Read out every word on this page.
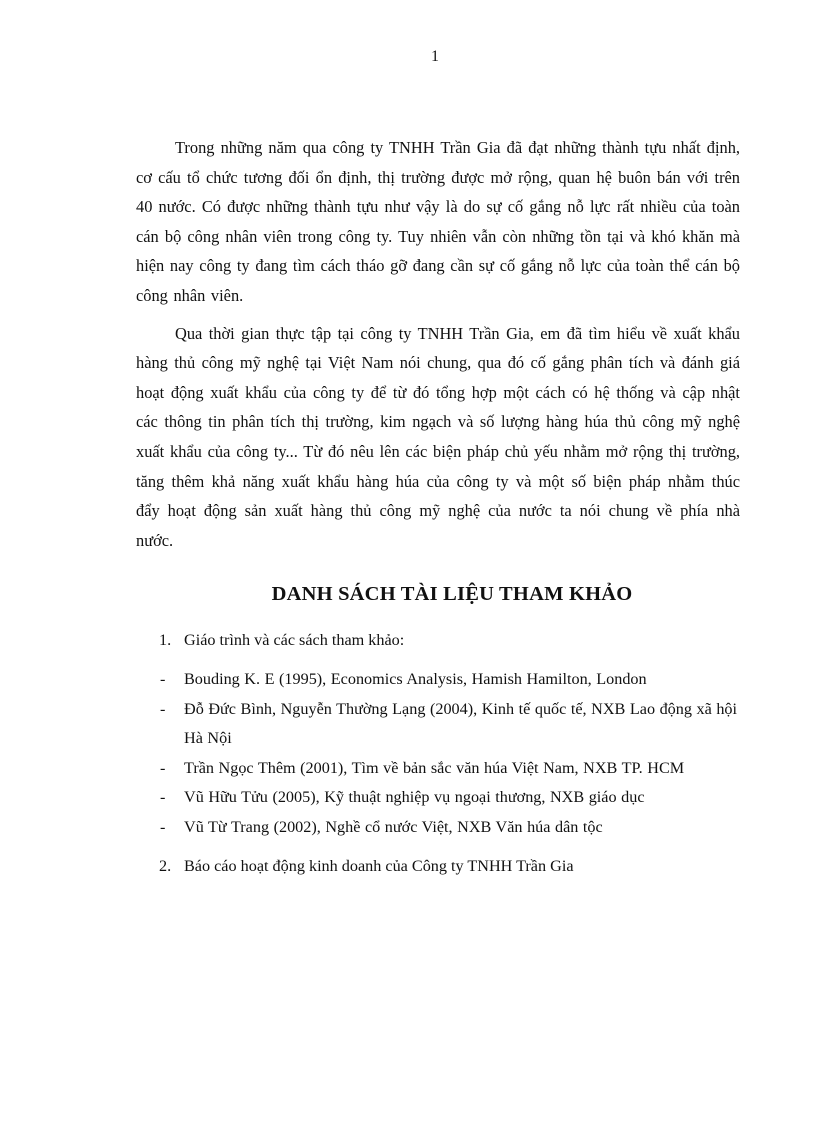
1

Trong những năm qua công ty TNHH Trần Gia đã đạt những thành tựu nhất định, cơ cấu tổ chức tương đối ổn định, thị trường được mở rộng, quan hệ buôn bán với trên 40 nước. Có được những thành tựu như vậy là do sự cố gắng nỗ lực rất nhiều của toàn cán bộ công nhân viên trong công ty. Tuy nhiên vẫn còn những tồn tại và khó khăn mà hiện nay công ty đang tìm cách tháo gỡ đang cần sự cố gắng nỗ lực của toàn thể cán bộ công nhân viên.

Qua thời gian thực tập tại công ty TNHH Trần Gia, em đã tìm hiểu về xuất khẩu hàng thủ công mỹ nghệ tại Việt Nam nói chung, qua đó cố gắng phân tích và đánh giá hoạt động xuất khẩu của công ty để từ đó tổng hợp một cách có hệ thống và cập nhật các thông tin phân tích thị trường, kim ngạch và số lượng hàng húa thủ công mỹ nghệ xuất khẩu của công ty... Từ đó nêu lên các biện pháp chủ yếu nhằm mở rộng thị trường, tăng thêm khả năng xuất khẩu hàng húa của công ty và một số biện pháp nhằm thúc đẩy hoạt động sản xuất hàng thủ công mỹ nghệ của nước ta nói chung về phía nhà nước.

DANH SÁCH TÀI LIỆU THAM KHẢO
1. Giáo trình và các sách tham khảo:
-	Bouding K. E (1995), Economics Analysis, Hamish Hamilton, London
-	Đỗ Đức Bình, Nguyễn Thường Lạng (2004), Kinh tế quốc tế, NXB Lao động xã hội Hà Nội
-	Trần Ngọc Thêm (2001), Tìm về bản sắc văn húa Việt Nam, NXB TP. HCM
-	Vũ Hữu Tửu (2005), Kỹ thuật nghiệp vụ ngoại thương, NXB giáo dục
-	Vũ Từ Trang (2002), Nghề cổ nước Việt, NXB Văn húa dân tộc
2. Báo cáo hoạt động kinh doanh của Công ty TNHH Trần Gia
